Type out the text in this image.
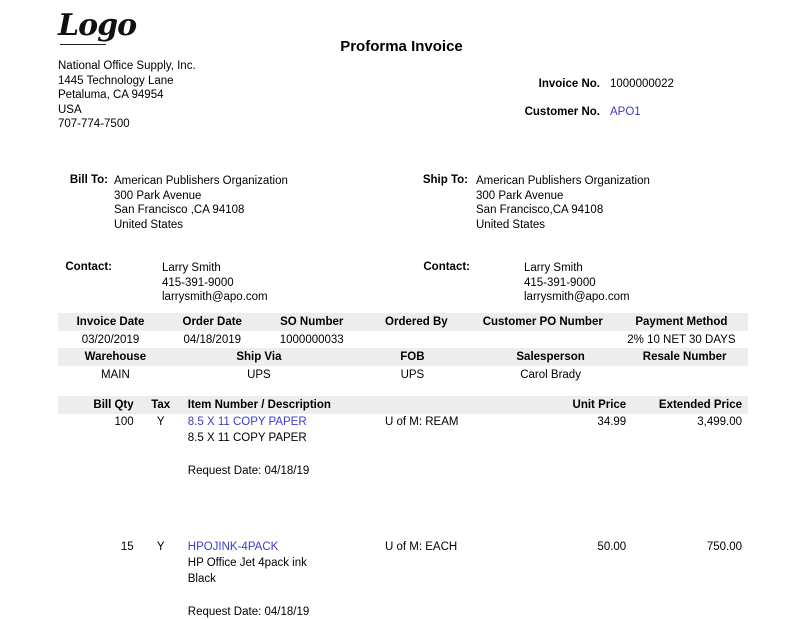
Logo
Proforma Invoice
National Office Supply, Inc.
1445 Technology Lane
Petaluma, CA 94954
USA
707-774-7500
Invoice No. 1000000022
Customer No. APO1
Bill To: American Publishers Organization
300 Park Avenue
San Francisco ,CA 94108
United States
Ship To: American Publishers Organization
300 Park Avenue
San Francisco,CA 94108
United States
Contact:	Larry Smith
415-391-9000
larrysmith@apo.com
Contact:	Larry Smith
415-391-9000
larrysmith@apo.com
Invoice Date	Order Date	SO Number	Ordered By	Customer PO Number	Payment Method
03/20/2019	04/18/2019	1000000033			2% 10 NET 30 DAYS
Warehouse	Ship Via	FOB	Salesperson	Resale Number
MAIN	UPS	UPS	Carol Brady	
Bill Qty	Tax	Item Number / Description		Unit Price	Extended Price
100	Y	8.5 X 11 COPY PAPER	U of M: REAM	34.99	3,499.00
		8.5 X 11 COPY PAPER			

		Request Date: 04/18/19			

15	Y	HPOJINK-4PACK	U of M: EACH	50.00	750.00
		HP Office Jet 4pack ink			
		Black			

		Request Date: 04/18/19			
